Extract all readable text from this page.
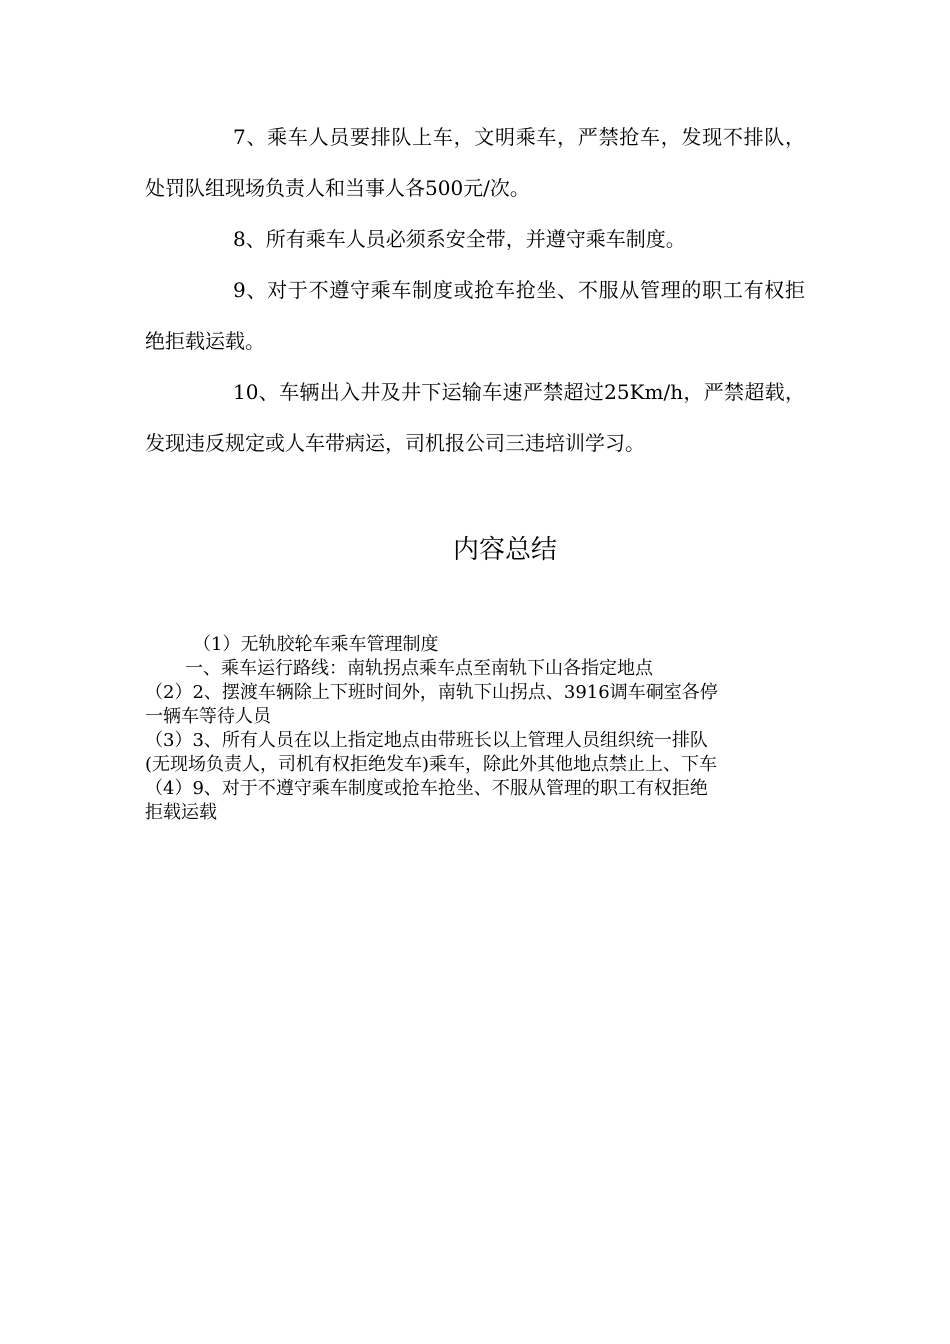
7、乘车人员要排队上车，文明乘车，严禁抢车，发现不排队，处罚队组现场负责人和当事人各500元/次。

8、所有乘车人员必须系安全带，并遵守乘车制度。

9、对于不遵守乘车制度或抢车抢坐、不服从管理的职工有权拒绝拒载运载。

10、车辆出入井及井下运输车速严禁超过25Km/h，严禁超载，发现违反规定或人车带病运，司机报公司三违培训学习。

内容总结

（1）无轨胶轮车乘车管理制度

一、乘车运行路线：南轨拐点乘车点至南轨下山各指定地点

（2）2、摆渡车辆除上下班时间外，南轨下山拐点、3916调车硐室各停

一辆车等待人员

（3）3、所有人员在以上指定地点由带班长以上管理人员组织统一排队

(无现场负责人，司机有权拒绝发车)乘车，除此外其他地点禁止上、下车

（4）9、对于不遵守乘车制度或抢车抢坐、不服从管理的职工有权拒绝

拒载运载
